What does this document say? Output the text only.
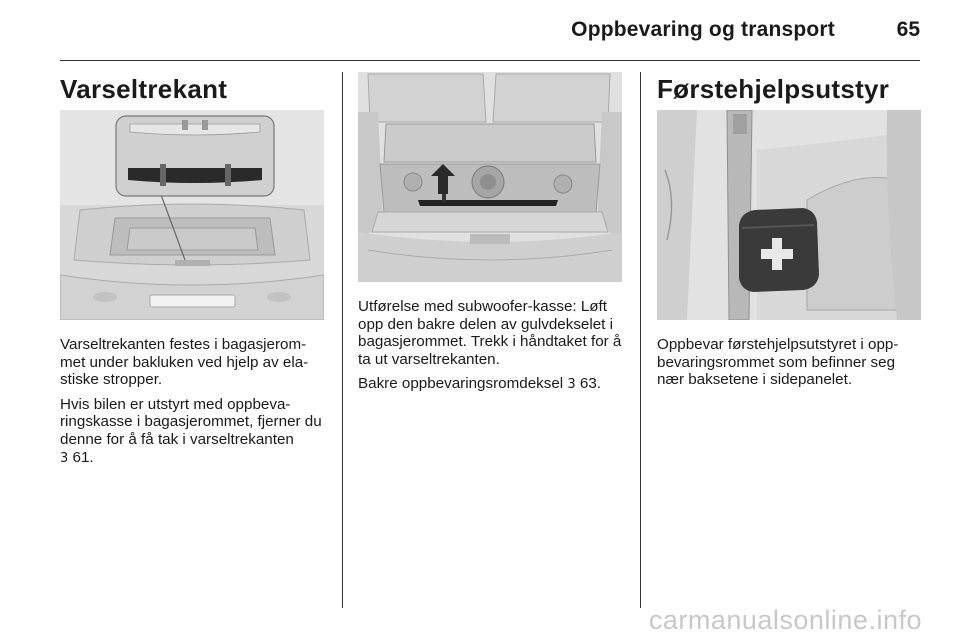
Oppbevaring og transport	65
Varseltrekant

Varseltrekanten festes i bagasjerommet under bakluken ved hjelp av elastiske stropper.

Hvis bilen er utstyrt med oppbevaringskasse i bagasjerommet, fjerner du denne for å få tak i varseltrekanten
3 61.

Utførelse med subwoofer-kasse: Løft opp den bakre delen av gulvdekselet i bagasjerommet. Trekk i håndtaket for å ta ut varseltrekanten.

Bakre oppbevaringsromdeksel 3 63.

Førstehjelpsutstyr

Oppbevar førstehjelpsutstyret i oppbevaringsrommet som befinner seg nær baksetene i sidepanelet.

carmanualsonline.info
